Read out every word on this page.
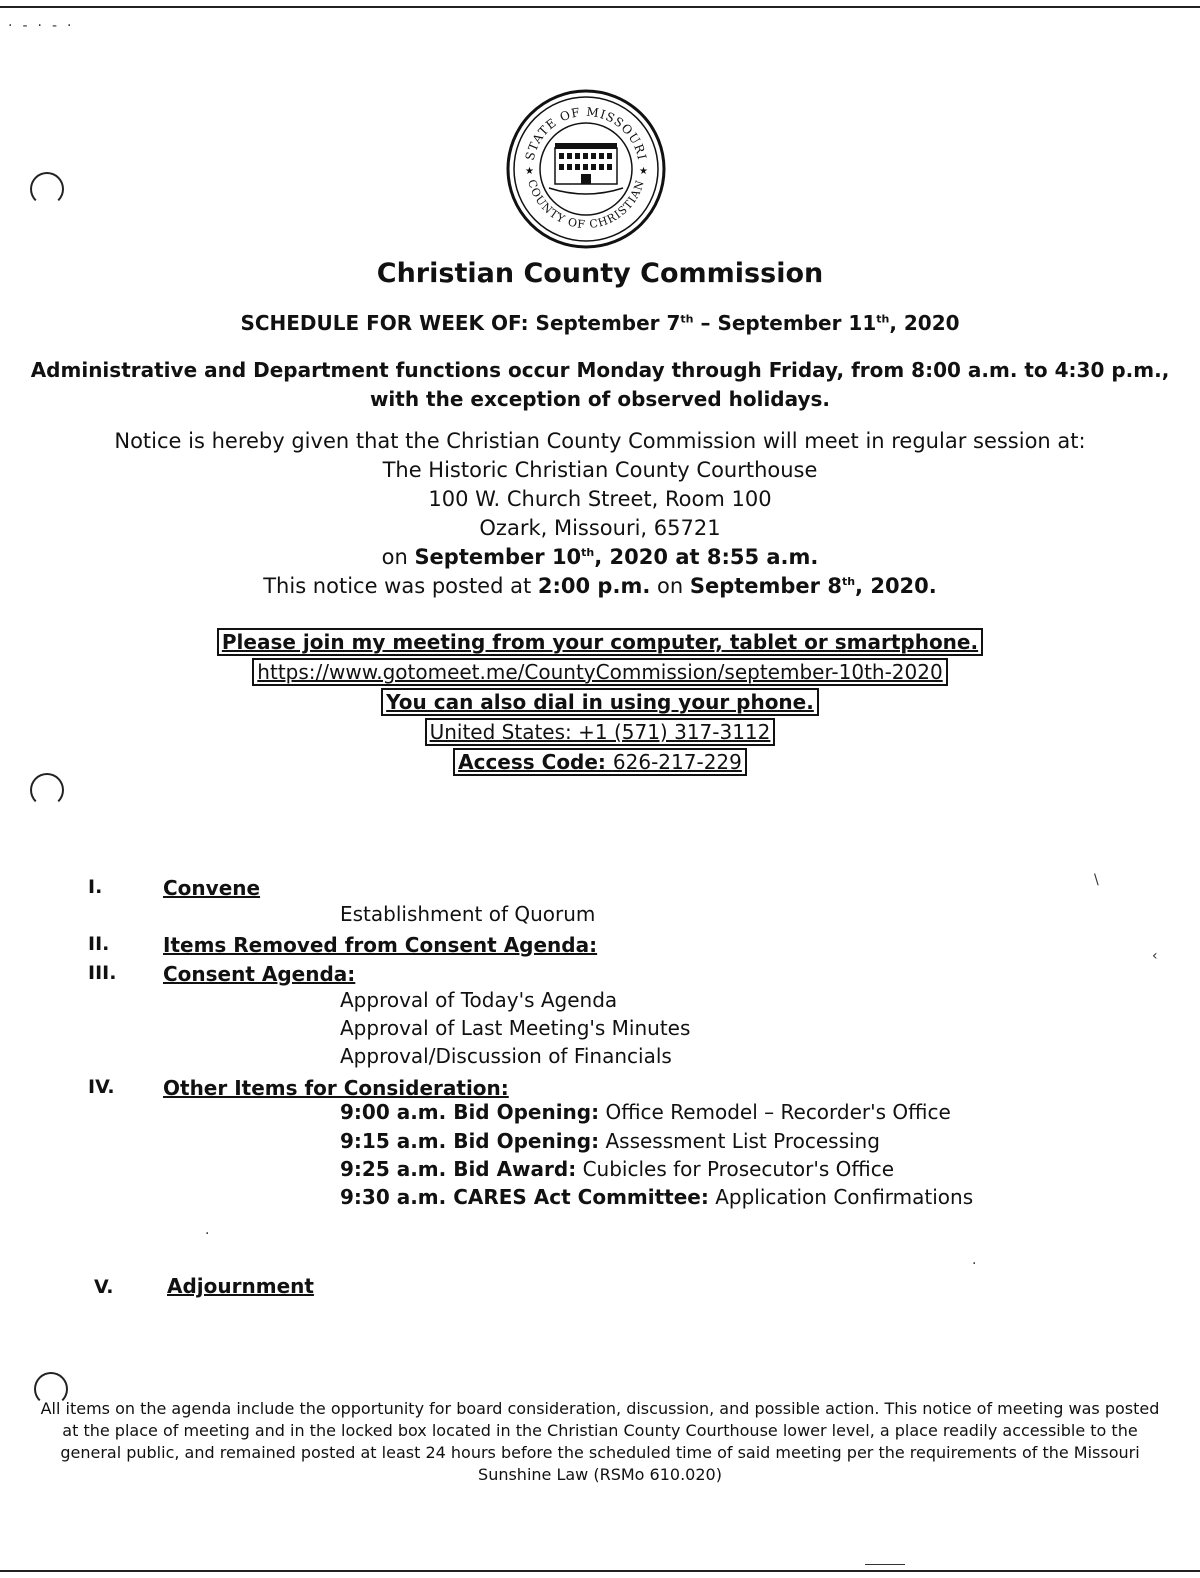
·-·-·
STATE OF MISSOURI
COUNTY OF CHRISTIAN
★	★
Christian County Commission
SCHEDULE FOR WEEK OF: September 7th – September 11th, 2020
Administrative and Department functions occur Monday through Friday, from 8:00 a.m. to 4:30 p.m.,
with the exception of observed holidays.
Notice is hereby given that the Christian County Commission will meet in regular session at:
The Historic Christian County Courthouse
100 W. Church Street, Room 100
Ozark, Missouri, 65721
on September 10th, 2020 at 8:55 a.m.
This notice was posted at 2:00 p.m. on September 8th, 2020.
Please join my meeting from your computer, tablet or smartphone.
https://www.gotomeet.me/CountyCommission/september-10th-2020
You can also dial in using your phone.
United States: +1 (571) 317-3112
Access Code: 626-217-229
I.	Convene
Establishment of Quorum
II.	Items Removed from Consent Agenda:
III. Consent Agenda:
Approval of Today's Agenda
Approval of Last Meeting's Minutes
Approval/Discussion of Financials
IV. Other Items for Consideration:
9:00 a.m. Bid Opening: Office Remodel – Recorder's Office
9:15 a.m. Bid Opening: Assessment List Processing
9:25 a.m. Bid Award: Cubicles for Prosecutor's Office
9:30 a.m. CARES Act Committee: Application Confirmations
V.	Adjournment
\
‹
·
·
All items on the agenda include the opportunity for board consideration, discussion, and possible action. This notice of meeting was posted at the place of meeting and in the locked box located in the Christian County Courthouse lower level, a place readily accessible to the general public, and remained posted at least 24 hours before the scheduled time of said meeting per the requirements of the Missouri Sunshine Law (RSMo 610.020)
